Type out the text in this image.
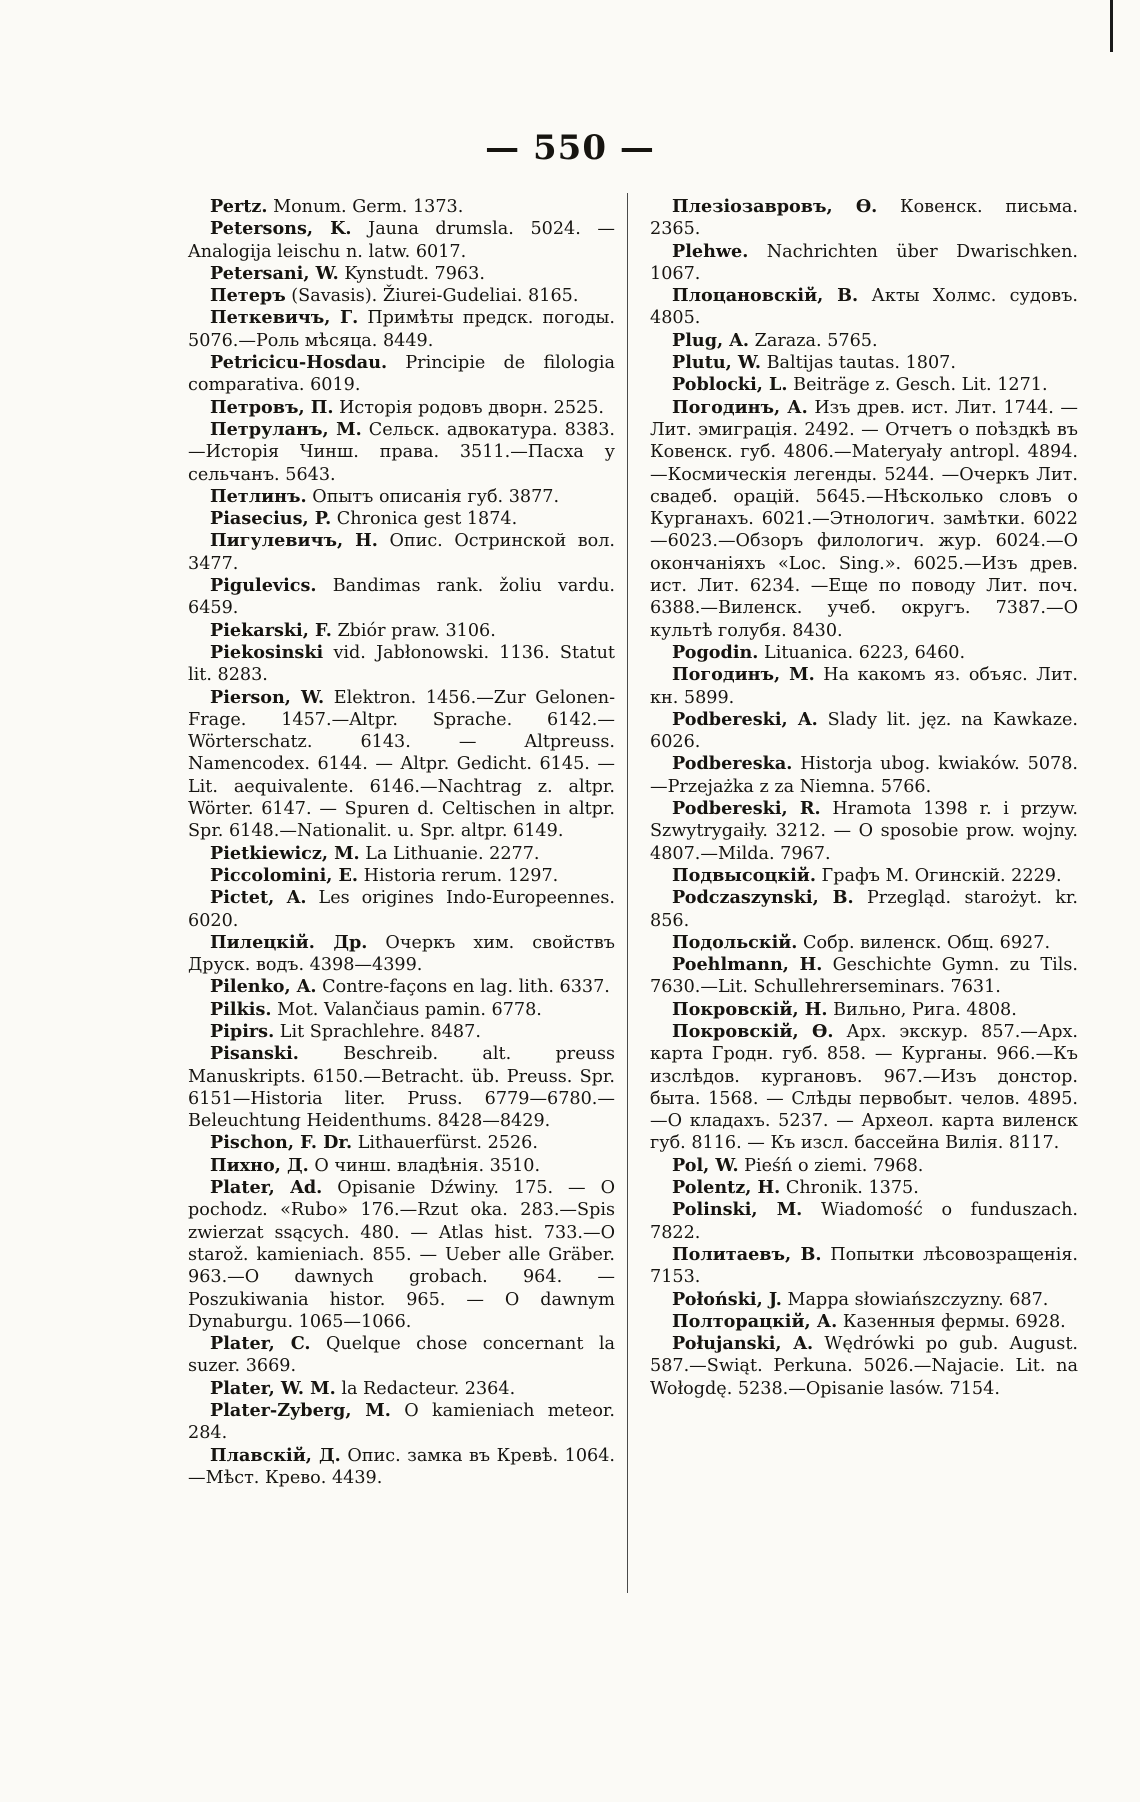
— 550 —

Pertz. Monum. Germ. 1373.

Petersons, K. Jauna drumsla. 5024. —Analogija leischu n. latw. 6017.

Petersani, W. Kynstudt. 7963.

Петеръ (Savasis). Žiurei-Gudeliai. 8165.

Петкевичъ, Г. Примѣты предск. погоды. 5076.—Роль мѣсяца. 8449.

Petricicu-Hosdau. Principie de filologia comparativa. 6019.

Петровъ, П. Исторія родовъ дворн. 2525.

Петруланъ, М. Сельск. адвокатура. 8383.—Исторія Чинш. права. 3511.—Пасха у сельчанъ. 5643.

Петлинъ. Опытъ описанія губ. 3877.

Piasecius, P. Chronica gest 1874.

Пигулевичъ, Н. Опис. Остринской вол. 3477.

Pigulevics. Bandimas rank. žoliu vardu. 6459.

Piekarski, F. Zbiór praw. 3106.

Piekosinski vid. Jabłonowski. 1136. Statut lit. 8283.

Pierson, W. Elektron. 1456.—Zur Gelonen-Frage. 1457.—Altpr. Sprache. 6142.—Wörterschatz. 6143. — Altpreuss. Namencodex. 6144. — Altpr. Gedicht. 6145. — Lit. aequivalente. 6146.—Nachtrag z. altpr. Wörter. 6147. — Spuren d. Celtischen in altpr. Spr. 6148.—Nationalit. u. Spr. altpr. 6149.

Pietkiewicz, M. La Lithuanie. 2277.

Piccolomini, E. Historia rerum. 1297.

Pictet, A. Les origines Indo-Europeennes. 6020.

Пилецкій. Др. Очеркъ хим. свойствъ Друск. водъ. 4398—4399.

Pilenko, A. Contre-façons en lag. lith. 6337.

Pilkis. Mot. Valančiaus pamin. 6778.

Pipirs. Lit Sprachlehre. 8487.

Pisanski.	Beschreib. alt. preuss Manuskripts. 6150.—Betracht. üb. Preuss. Spr. 6151—Historia liter. Pruss. 6779—6780.—Beleuchtung Heidenthums. 8428—8429.

Pischon, F. Dr. Lithauerfürst. 2526.

Пихно, Д. О чинш. владѣнія. 3510.

Plater, Ad. Opisanie Dźwiny. 175. — O pochodz. «Rubo» 176.—Rzut oka. 283.—Spis zwierzat ssących. 480. — Atlas hist. 733.—O starož. kamieniach. 855. — Ueber alle Gräber. 963.—O dawnych grobach. 964. — Poszukiwania histor. 965. — O dawnym Dynaburgu. 1065—1066.

Plater, C. Quelque chose concernant la suzer. 3669.

Plater, W. M. la Redacteur. 2364.

Plater-Zyberg, M. O kamieniach meteor. 284.

Плавскій, Д. Опис. замка въ Кревѣ. 1064.—Мѣст. Крево. 4439.

Плезіозавровъ, Ѳ. Ковенск. письма. 2365.

Plehwe. Nachrichten über Dwarischken. 1067.

Плоцановскій, В. Акты Холмс. судовъ. 4805.

Plug, A. Zaraza. 5765.

Plutu, W. Baltijas tautas. 1807.

Poblocki, L. Beiträge z. Gesch. Lit. 1271.

Погодинъ, А. Изъ древ. ист. Лит. 1744. — Лит. эмиграція. 2492. — Отчетъ о поѣздкѣ въ Ковенск. губ. 4806.—Materyały antropl. 4894.—Космическія легенды. 5244. —Очеркъ Лит. свадеб. орацій. 5645.—Нѣсколько словъ о Курганахъ. 6021.—Этнологич. замѣтки. 6022—6023.—Обзоръ филологич. жур. 6024.—О окончаніяхъ «Loc. Sing.». 6025.—Изъ древ. ист. Лит. 6234. —Еще по поводу Лит. поч. 6388.—Виленск. учеб. округъ. 7387.—О культѣ голубя. 8430.

Pogodin. Lituanica. 6223, 6460.

Погодинъ, М. На какомъ яз. объяс. Лит. кн. 5899.

Podbereski, A. Slady lit. jęz. na Kawkaze. 6026.

Podbereska. Historja ubog. kwiaków. 5078.—Przejażka z za Niemna. 5766.

Podbereski, R. Hramota 1398 r. i przyw. Szwytrygaiły. 3212. — O sposobie prow. wojny. 4807.—Milda. 7967.

Подвысоцкій. Графъ М. Огинскій. 2229.

Podczaszynski, B. Przegląd. starożyt. kr. 856.

Подольскій. Собр. виленск. Общ. 6927.

Poehlmann, H. Geschichte Gymn. zu Tils. 7630.—Lit. Schullehrerseminars. 7631.

Покровскій, Н. Вильно, Рига. 4808.

Покровскій, Ѳ. Арх. экскур. 857.—Арх. карта Гродн. губ. 858. — Курганы. 966.—Къ изслѣдов. кургановъ. 967.—Изъ донстор. быта. 1568. — Слѣды первобыт. челов. 4895.—О кладахъ. 5237. — Археол. карта виленск губ. 8116. — Къ изсл. бассейна Вилія. 8117.

Pol, W. Pieśń o ziemi. 7968.

Polentz, H. Chronik. 1375.

Polinski, M. Wiadomość o funduszach. 7822.

Политаевъ, В. Попытки лѣсовозращенія. 7153.

Połoński, J. Mappa słowiańszczyzny. 687.

Полторацкій, А. Казенныя фермы. 6928.

Połujanski, A. Wędrówki po gub. August. 587.—Swiąt. Perkuna. 5026.—Najacie. Lit. na Wołogdę. 5238.—Opisanie lasów. 7154.
